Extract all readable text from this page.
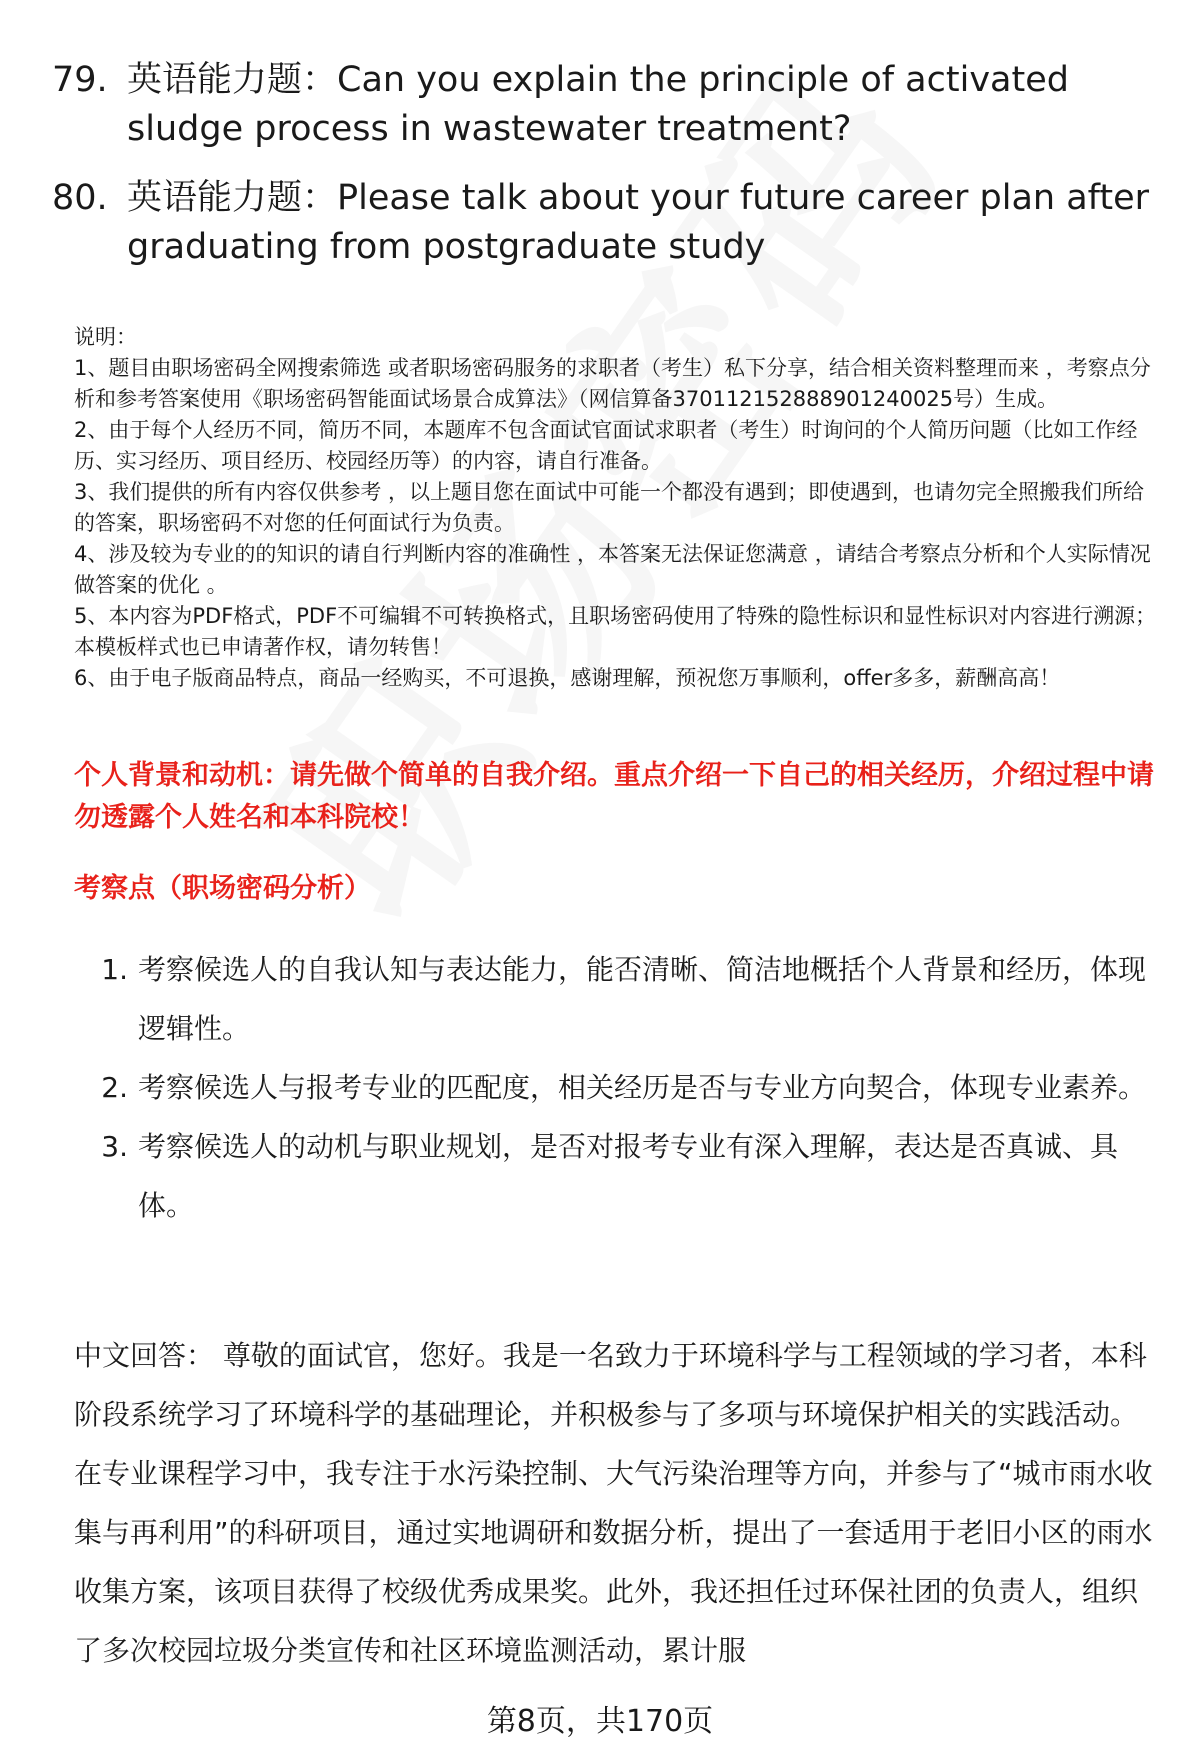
79. 英语能力题：Can you explain the principle of activated sludge process in wastewater treatment?
80. 英语能力题：Please talk about your future career plan after graduating from postgraduate study
说明：
1、题目由职场密码全网搜索筛选 或者职场密码服务的求职者（考生）私下分享，结合相关资料整理而来 ，考察点分析和参考答案使用《职场密码智能面试场景合成算法》（网信算备370112152888901240025号）生成。
2、由于每个人经历不同，简历不同，本题库不包含面试官面试求职者（考生）时询问的个人简历问题（比如工作经历、实习经历、项目经历、校园经历等）的内容，请自行准备。
3、我们提供的所有内容仅供参考 ，以上题目您在面试中可能一个都没有遇到；即使遇到，也请勿完全照搬我们所给的答案，职场密码不对您的任何面试行为负责。
4、涉及较为专业的的知识的请自行判断内容的准确性 ，本答案无法保证您满意 ，请结合考察点分析和个人实际情况做答案的优化 。
5、本内容为PDF格式，PDF不可编辑不可转换格式，且职场密码使用了特殊的隐性标识和显性标识对内容进行溯源；本模板样式也已申请著作权，请勿转售！
6、由于电子版商品特点，商品一经购买，不可退换，感谢理解，预祝您万事顺利，offer多多，薪酬高高！
个人背景和动机：请先做个简单的自我介绍。重点介绍一下自己的相关经历，介绍过程中请勿透露个人姓名和本科院校！
考察点（职场密码分析）
1. 考察候选人的自我认知与表达能力，能否清晰、简洁地概括个人背景和经历，体现逻辑性。
2. 考察候选人与报考专业的匹配度，相关经历是否与专业方向契合，体现专业素养。
3. 考察候选人的动机与职业规划，是否对报考专业有深入理解，表达是否真诚、具体。
中文回答： 尊敬的面试官，您好。我是一名致力于环境科学与工程领域的学习者，本科阶段系统学习了环境科学的基础理论，并积极参与了多项与环境保护相关的实践活动。在专业课程学习中，我专注于水污染控制、大气污染治理等方向，并参与了“城市雨水收集与再利用”的科研项目，通过实地调研和数据分析，提出了一套适用于老旧小区的雨水收集方案，该项目获得了校级优秀成果奖。此外，我还担任过环保社团的负责人，组织了多次校园垃圾分类宣传和社区环境监测活动，累计服
第8页，共170页
